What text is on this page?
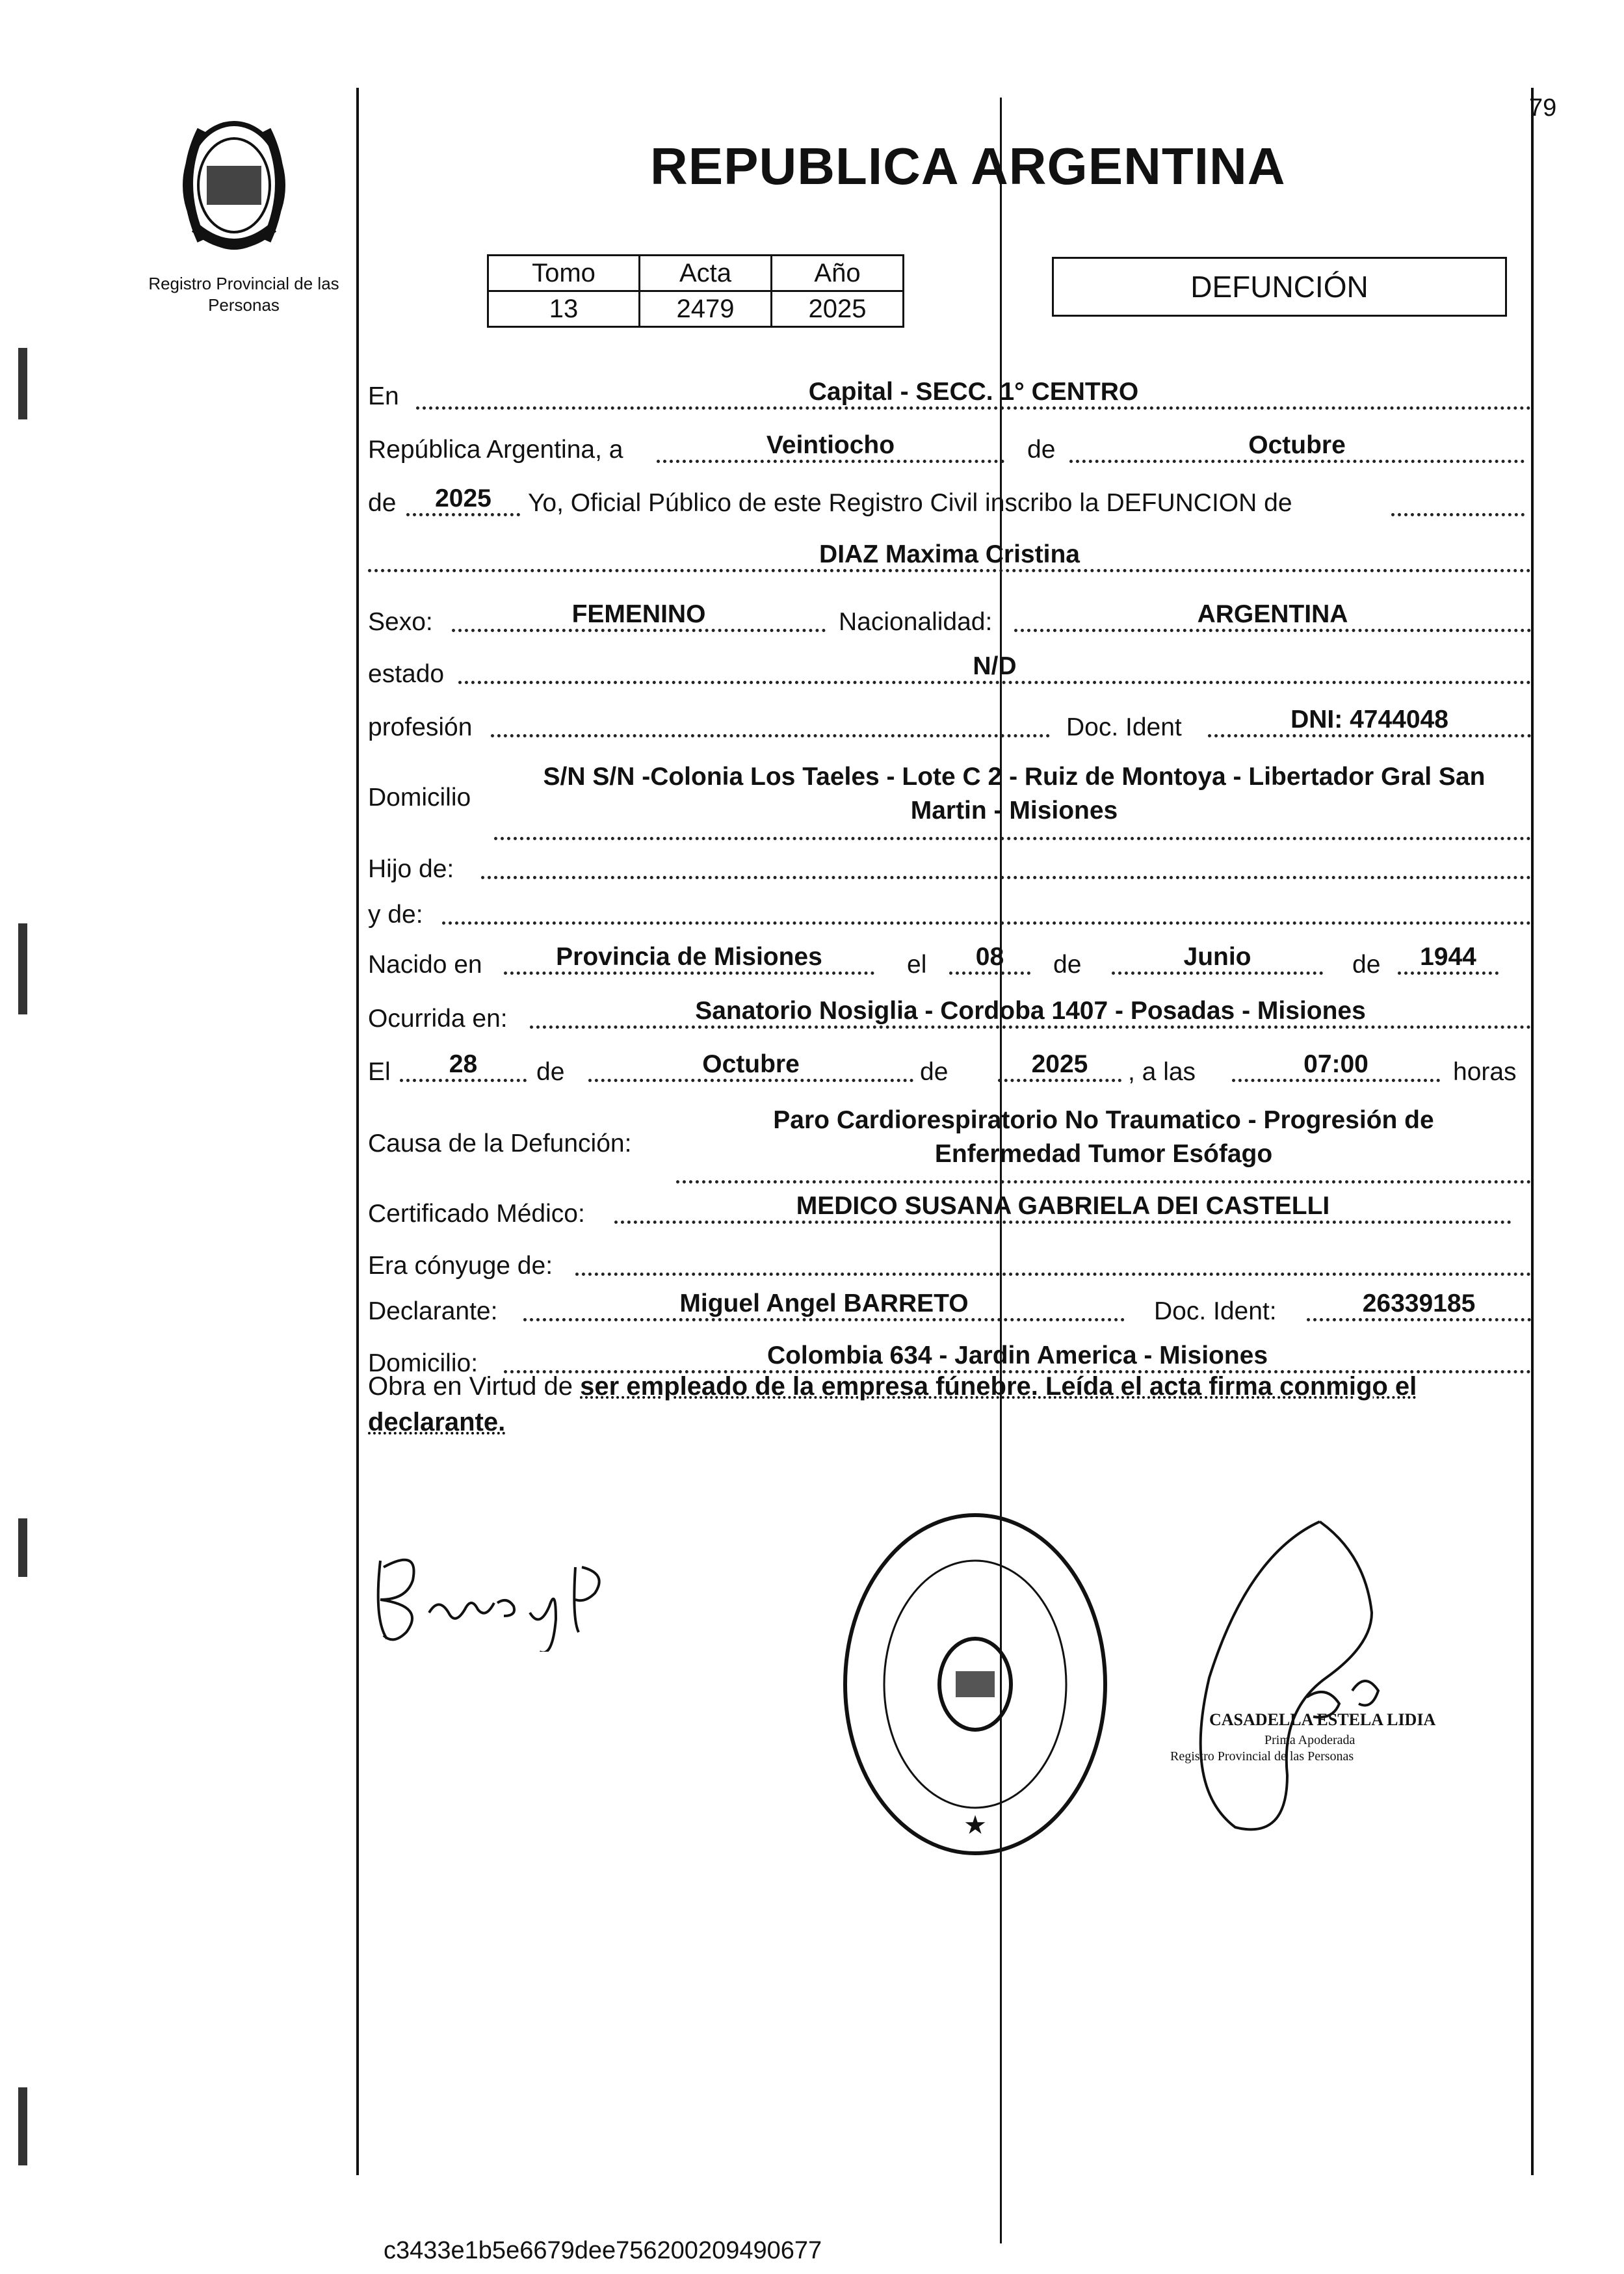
Registro Provincial de las Personas
79
REPUBLICA ARGENTINA
Tomo	Acta	Año
13	2479	2025
DEFUNCIÓN
En	Capital - SECC. 1° CENTRO
República Argentina, a	Veintiocho	de	Octubre
de	2025	Yo, Oficial Público de este Registro Civil inscribo la DEFUNCION de
DIAZ Maxima Cristina
Sexo:	FEMENINO	Nacionalidad:	ARGENTINA
estado	N/D
profesión	Doc. Ident	DNI: 4744048
Domicilio
S/N S/N -Colonia Los Taeles - Lote C 2 - Ruiz de Montoya - Libertador Gral San
Martin - Misiones
Hijo de:
y de:
Nacido en	Provincia de Misiones	el	08	de	Junio	de	1944
Ocurrida en:	Sanatorio Nosiglia - Cordoba 1407 - Posadas - Misiones
El	28	de	Octubre	de	2025	, a las	07:00	horas
Causa de la Defunción:
Paro Cardiorespiratorio No Traumatico - Progresión de
Enfermedad Tumor Esófago
Certificado Médico:	MEDICO SUSANA GABRIELA DEI CASTELLI
Era cónyuge de:
Declarante:	Miguel Angel BARRETO	Doc. Ident:	26339185
Domicilio:	Colombia 634 - Jardin America - Misiones
Obra en Virtud de ser empleado de la empresa fúnebre. Leída el acta firma conmigo el
declarante.
★
CASADELLA ESTELA LIDIA
Prima Apoderada
Registro Provincial de las Personas
c3433e1b5e6679dee756200209490677
